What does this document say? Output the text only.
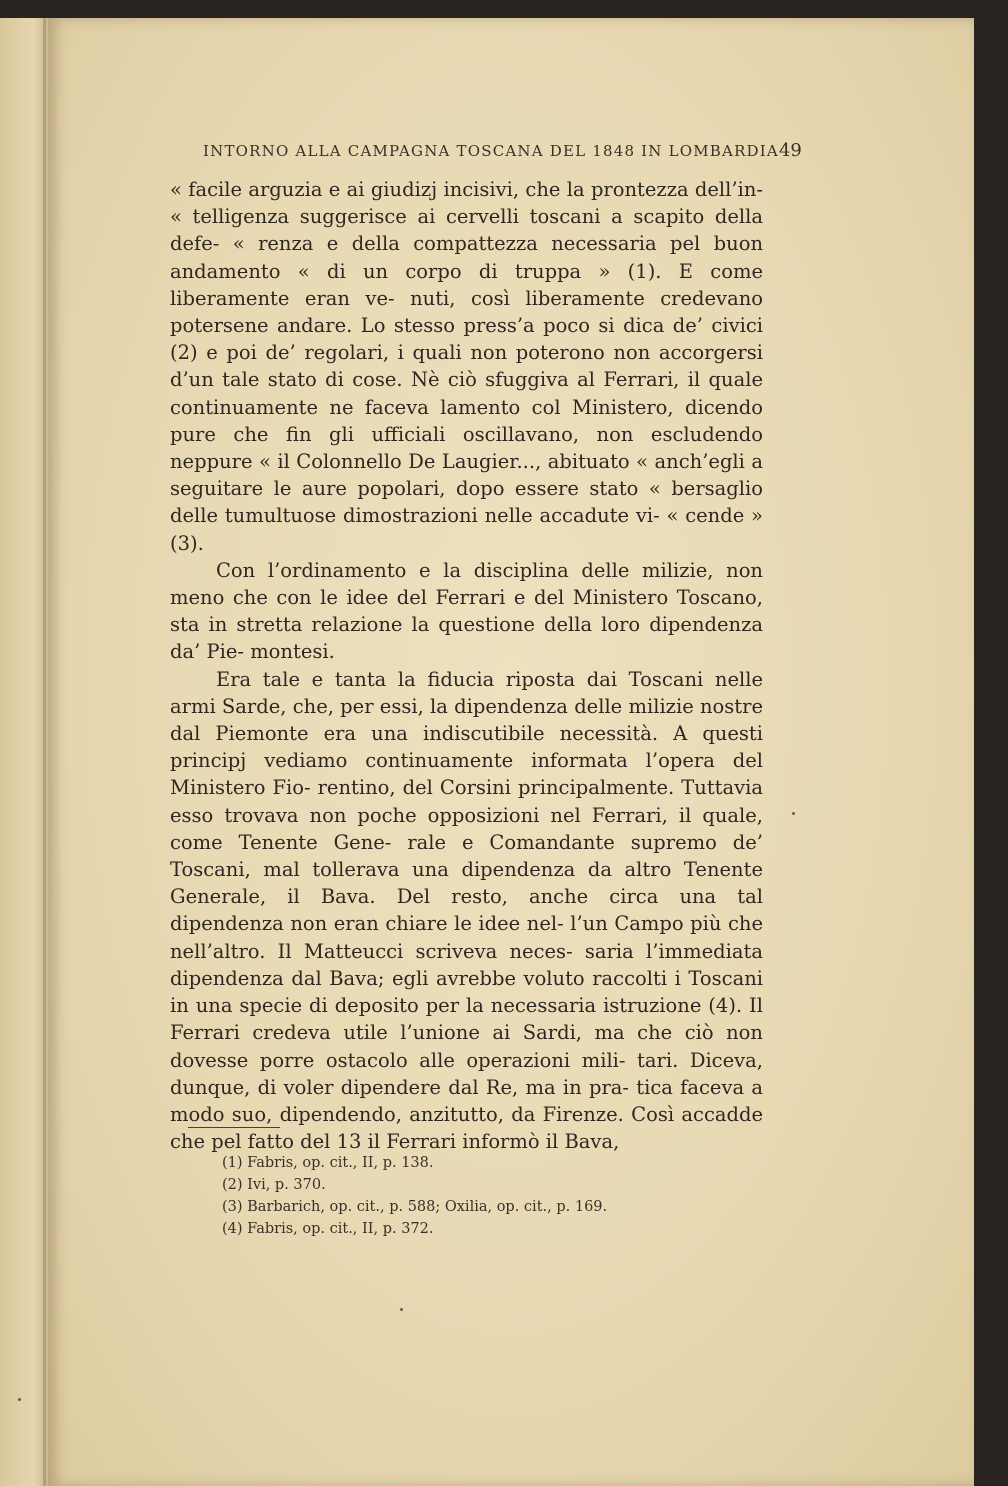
INTORNO ALLA CAMPAGNA TOSCANA DEL 1848 IN LOMBARDIA 49

« facile arguzia e ai giudizj incisivi, che la prontezza dell’in- « telligenza suggerisce ai cervelli toscani a scapito della defe- « renza e della compattezza necessaria pel buon andamento « di un corpo di truppa » (1). E come liberamente eran ve- nuti, così liberamente credevano potersene andare. Lo stesso press’a poco si dica de’ civici (2) e poi de’ regolari, i quali non poterono non accorgersi d’un tale stato di cose. Nè ciò sfuggiva al Ferrari, il quale continuamente ne faceva lamento col Ministero, dicendo pure che fin gli ufficiali oscillavano, non escludendo neppure « il Colonnello De Laugier..., abituato « anch’egli a seguitare le aure popolari, dopo essere stato « bersaglio delle tumultuose dimostrazioni nelle accadute vi- « cende » (3).

Con l’ordinamento e la disciplina delle milizie, non meno che con le idee del Ferrari e del Ministero Toscano, sta in stretta relazione la questione della loro dipendenza da’ Pie- montesi.

Era tale e tanta la fiducia riposta dai Toscani nelle armi Sarde, che, per essi, la dipendenza delle milizie nostre dal Piemonte era una indiscutibile necessità. A questi principj vediamo continuamente informata l’opera del Ministero Fio- rentino, del Corsini principalmente. Tuttavia esso trovava non poche opposizioni nel Ferrari, il quale, come Tenente Gene- rale e Comandante supremo de’ Toscani, mal tollerava una dipendenza da altro Tenente Generale, il Bava. Del resto, anche circa una tal dipendenza non eran chiare le idee nel- l’un Campo più che nell’altro. Il Matteucci scriveva neces- saria l’immediata dipendenza dal Bava; egli avrebbe voluto raccolti i Toscani in una specie di deposito per la necessaria istruzione (4). Il Ferrari credeva utile l’unione ai Sardi, ma che ciò non dovesse porre ostacolo alle operazioni mili- tari. Diceva, dunque, di voler dipendere dal Re, ma in pra- tica faceva a modo suo, dipendendo, anzitutto, da Firenze. Così accadde che pel fatto del 13 il Ferrari informò il Bava,

(1) Fabris, op. cit., II, p. 138.
(2) Ivi, p. 370.
(3) Barbarich, op. cit., p. 588; Oxilia, op. cit., p. 169.
(4) Fabris, op. cit., II, p. 372.
